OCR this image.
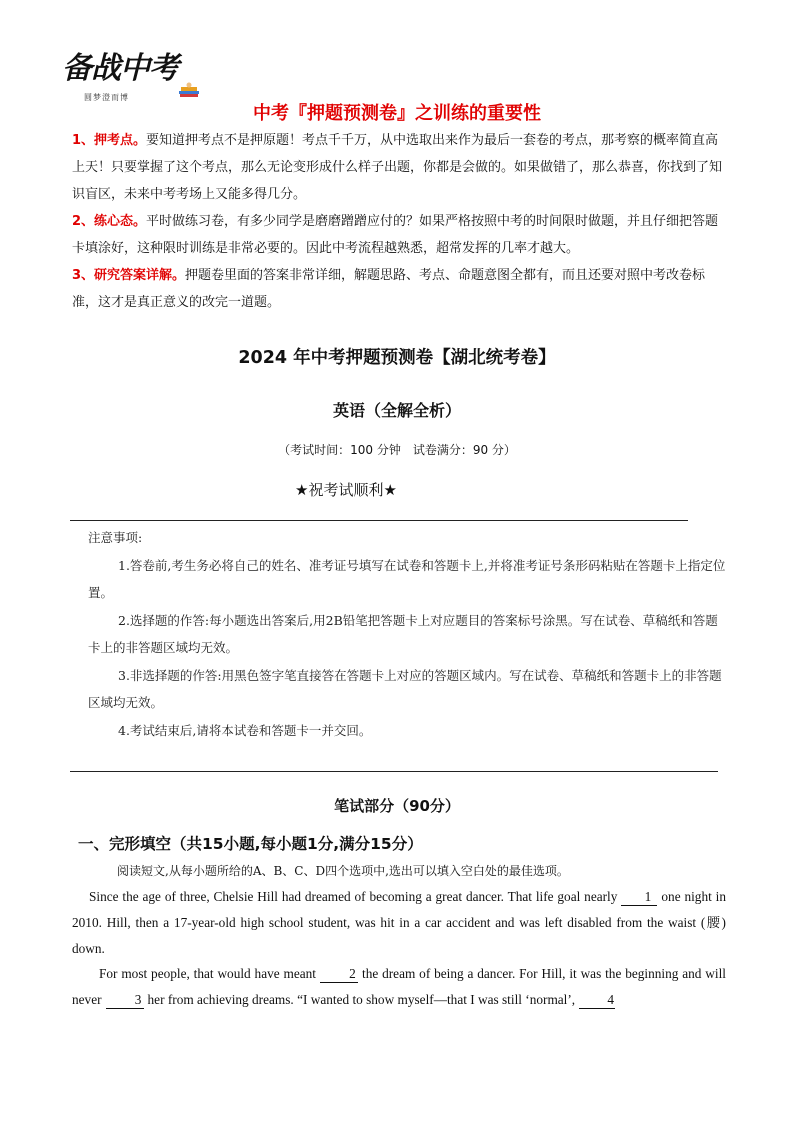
备战中考
圆梦澄而博
中考『押题预测卷』之训练的重要性

1、押考点。要知道押考点不是押原题！考点千千万，从中选取出来作为最后一套卷的考点，那考察的概率简直高上天！只要掌握了这个考点，那么无论变形成什么样子出题，你都是会做的。如果做错了，那么恭喜，你找到了知识盲区，未来中考考场上又能多得几分。

2、练心态。平时做练习卷，有多少同学是磨磨蹭蹭应付的？如果严格按照中考的时间限时做题，并且仔细把答题卡填涂好，这种限时训练是非常必要的。因此中考流程越熟悉，超常发挥的几率才越大。

3、研究答案详解。押题卷里面的答案非常详细，解题思路、考点、命题意图全都有，而且还要对照中考改卷标准，这才是真正意义的改完一道题。

2024 年中考押题预测卷【湖北统考卷】
英语（全解全析）
（考试时间：100 分钟　试卷满分：90 分）
★祝考试顺利★

注意事项:

1.答卷前,考生务必将自己的姓名、准考证号填写在试卷和答题卡上,并将准考证号条形码粘贴在答题卡上指定位置。

2.选择题的作答:每小题选出答案后,用2B铅笔把答题卡上对应题目的答案标号涂黑。写在试卷、草稿纸和答题卡上的非答题区域均无效。

3.非选择题的作答:用黑色签字笔直接答在答题卡上对应的答题区域内。写在试卷、草稿纸和答题卡上的非答题区域均无效。

4.考试结束后,请将本试卷和答题卡一并交回。

笔试部分（90分）
一、完形填空（共15小题,每小题1分,满分15分）
阅读短文,从每小题所给的A、B、C、D四个选项中,选出可以填入空白处的最佳选项。

Since the age of three, Chelsie Hill had dreamed of becoming a great dancer. That life goal nearly 1 one night in 2010. Hill, then a 17-year-old high school student, was hit in a car accident and was left disabled from the waist (腰) down.

For most people, that would have meant 2 the dream of being a dancer. For Hill, it was the beginning and will never 3 her from achieving dreams. “I wanted to show myself—that I was still ‘normal’, 4
